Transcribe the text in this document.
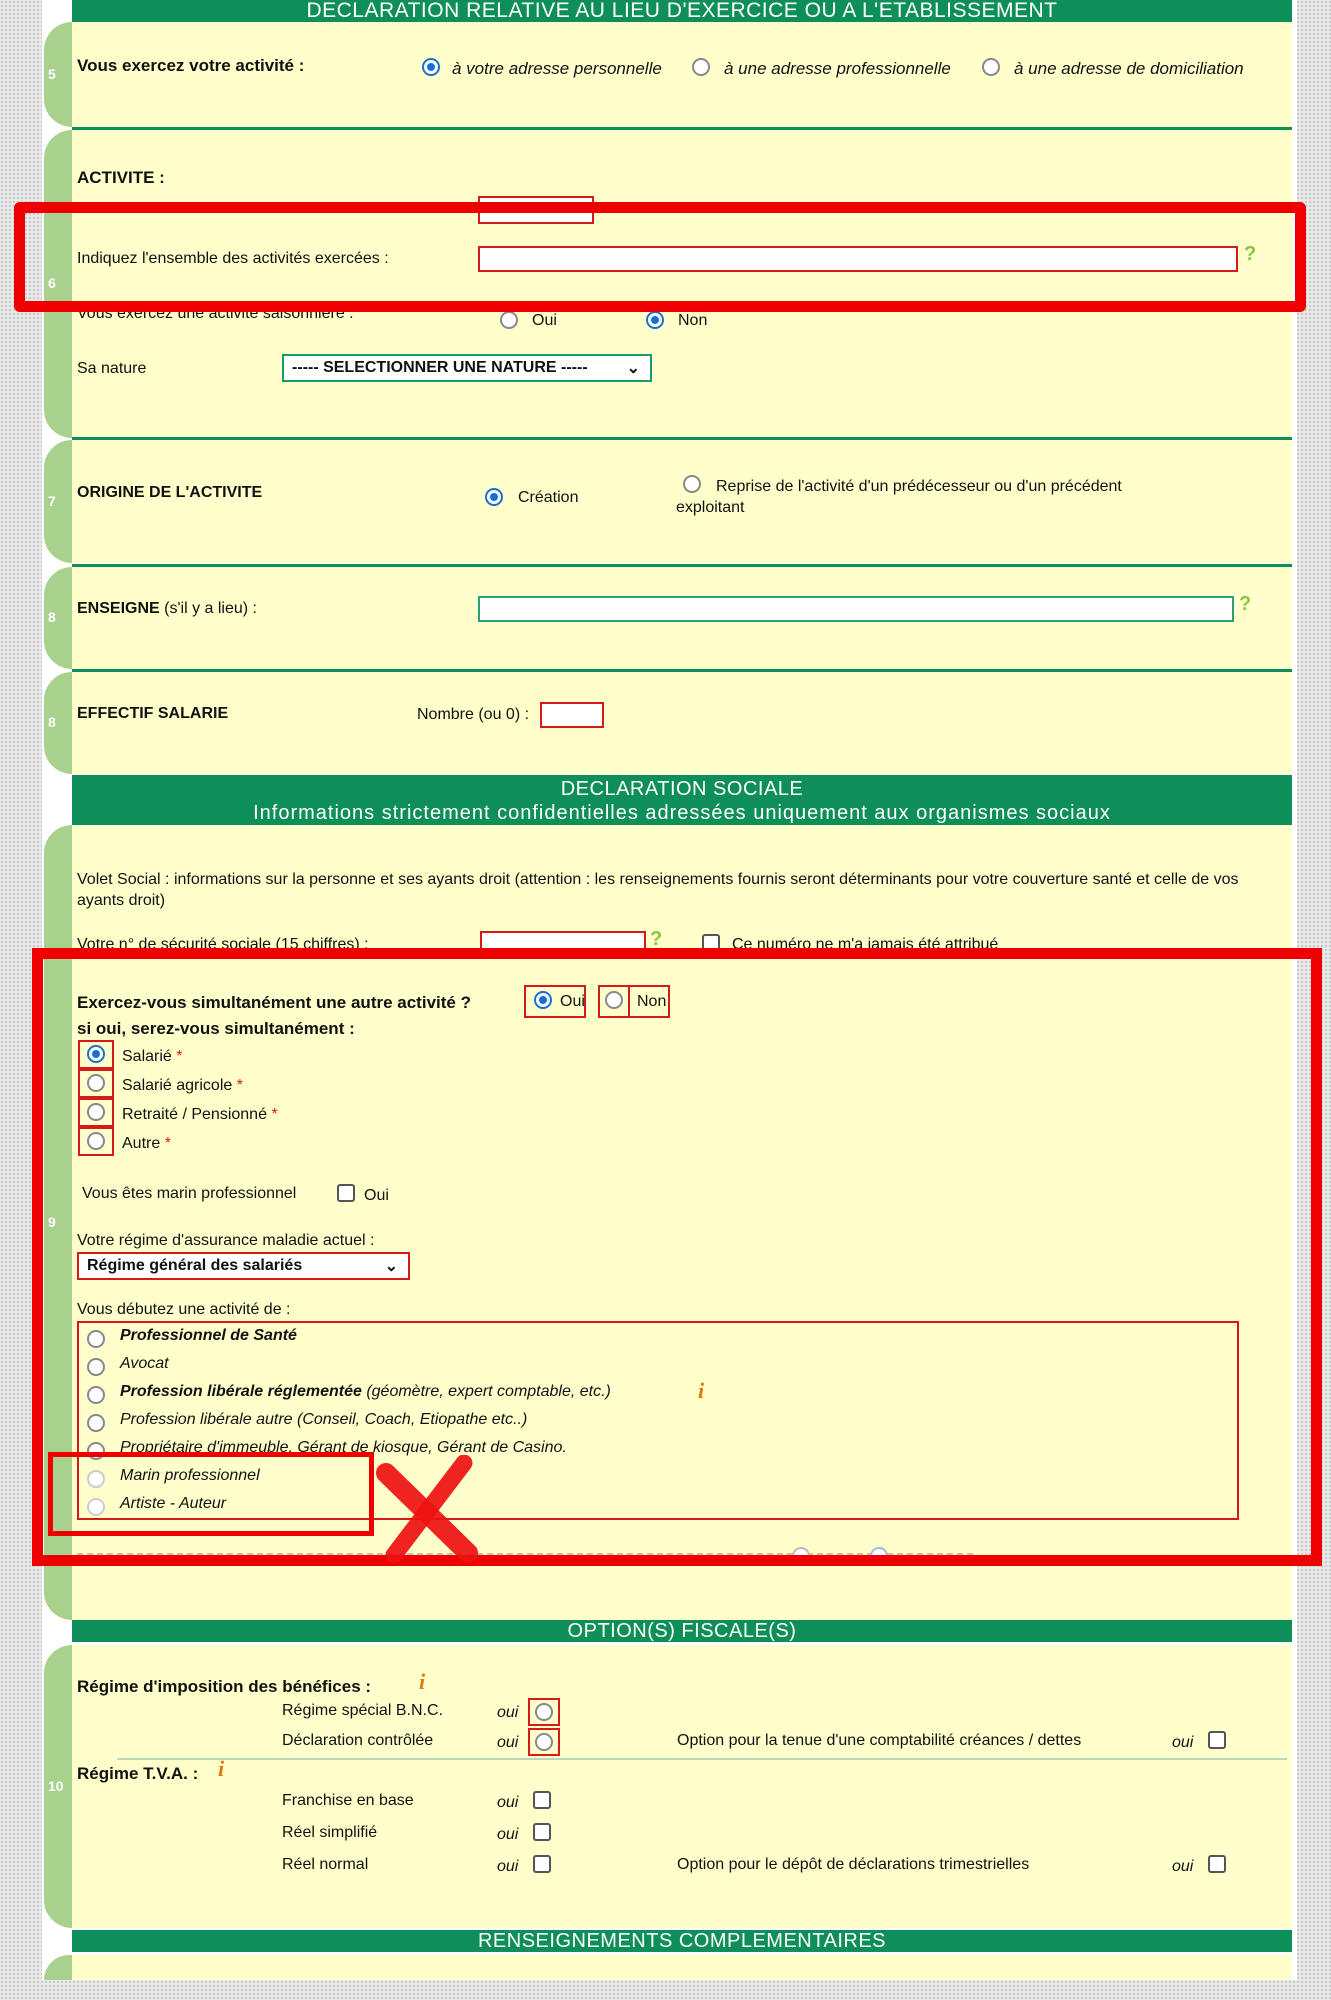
DECLARATION RELATIVE AU LIEU D'EXERCICE OU A L'ETABLISSEMENT
5 Vous exercez votre activité :	à votre adresse personnelle	à une adresse professionnelle	à une adresse de domiciliation
6
ACTIVITE :
Indiquez l'ensemble des activités exercées :	?
Vous exercez une activité saisonnière :	Oui	Non
Sa nature	----- SELECTIONNER UNE NATURE ----- ⌄
7 ORIGINE DE L'ACTIVITE	Création
Reprise de l'activité d'un prédécesseur ou d'un précédent
exploitant
8 ENSEIGNE (s'il y a lieu) :	?
8 EFFECTIF SALARIE	Nombre (ou 0) :
DECLARATION SOCIALE
Informations strictement confidentielles adressées uniquement aux organismes sociaux
9
Volet Social : informations sur la personne et ses ayants droit (attention : les renseignements fournis seront déterminants pour votre couverture santé et celle de vos ayants droit)
Votre n° de sécurité sociale (15 chiffres) :	?	Ce numéro ne m'a jamais été attribué
Exercez-vous simultanément une autre activité ?	Oui	Non
si oui, serez-vous simultanément :
Salarié *
Salarié agricole *
Retraité / Pensionné *
Autre *
Vous êtes marin professionnel	Oui
Votre régime d'assurance maladie actuel :
Régime général des salariés	⌄
Vous débutez une activité de :
Professionnel de Santé
Avocat
Profession libérale réglementée (géomètre, expert comptable, etc.)	i
Profession libérale autre (Conseil, Coach, Etiopathe etc..)
Propriétaire d'immeuble, Gérant de kiosque, Gérant de Casino.
Marin professionnel
Artiste - Auteur
OPTION(S) FISCALE(S)
10
Régime d'imposition des bénéfices : i
Régime spécial B.N.C.	oui
Déclaration contrôlée	oui	Option pour la tenue d'une comptabilité créances / dettes	oui
Régime T.V.A. : i
Franchise en base	oui
Réel simplifié	oui
Réel normal	oui	Option pour le dépôt de déclarations trimestrielles	oui
RENSEIGNEMENTS COMPLEMENTAIRES
